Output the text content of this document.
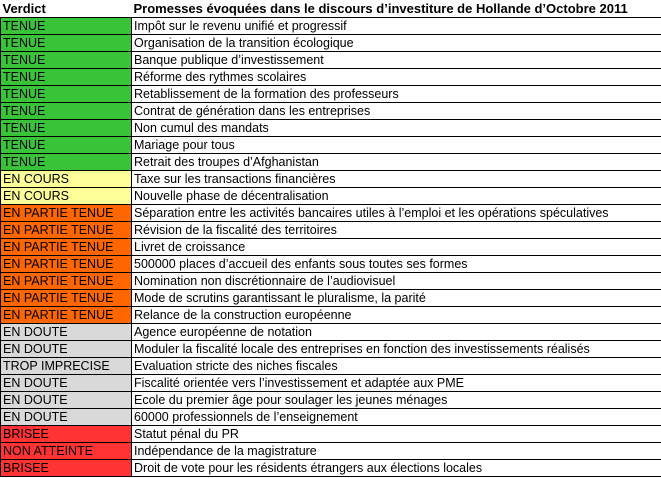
Verdict	Promesses évoquées dans le discours d’investiture de Hollande d’Octobre 2011
TENUE	Impôt sur le revenu unifié et progressif
TENUE	Organisation de la transition écologique
TENUE	Banque publique d’investissement
TENUE	Réforme des rythmes scolaires
TENUE	Retablissement de la formation des professeurs
TENUE	Contrat de génération dans les entreprises
TENUE	Non cumul des mandats
TENUE	Mariage pour tous
TENUE	Retrait des troupes d’Afghanistan
EN COURS	Taxe sur les transactions financières
EN COURS	Nouvelle phase de décentralisation
EN PARTIE TENUE	Séparation entre les activités bancaires utiles à l’emploi et les opérations spéculatives
EN PARTIE TENUE	Révision de la fiscalité des territoires
EN PARTIE TENUE	Livret de croissance
EN PARTIE TENUE	500000 places d’accueil des enfants sous toutes ses formes
EN PARTIE TENUE	Nomination non discrétionnaire de l’audiovisuel
EN PARTIE TENUE	Mode de scrutins garantissant le pluralisme, la parité
EN PARTIE TENUE	Relance de la construction européenne
EN DOUTE	Agence européenne de notation
EN DOUTE	Moduler la fiscalité locale des entreprises en fonction des investissements réalisés
TROP IMPRECISE	Evaluation stricte des niches fiscales
EN DOUTE	Fiscalité orientée vers l’investissement et adaptée aux PME
EN DOUTE	Ecole du premier âge pour soulager les jeunes ménages
EN DOUTE	60000 professionnels de l’enseignement
BRISEE	Statut pénal du PR
NON ATTEINTE	Indépendance de la magistrature
BRISEE	Droit de vote pour les résidents étrangers aux élections locales
